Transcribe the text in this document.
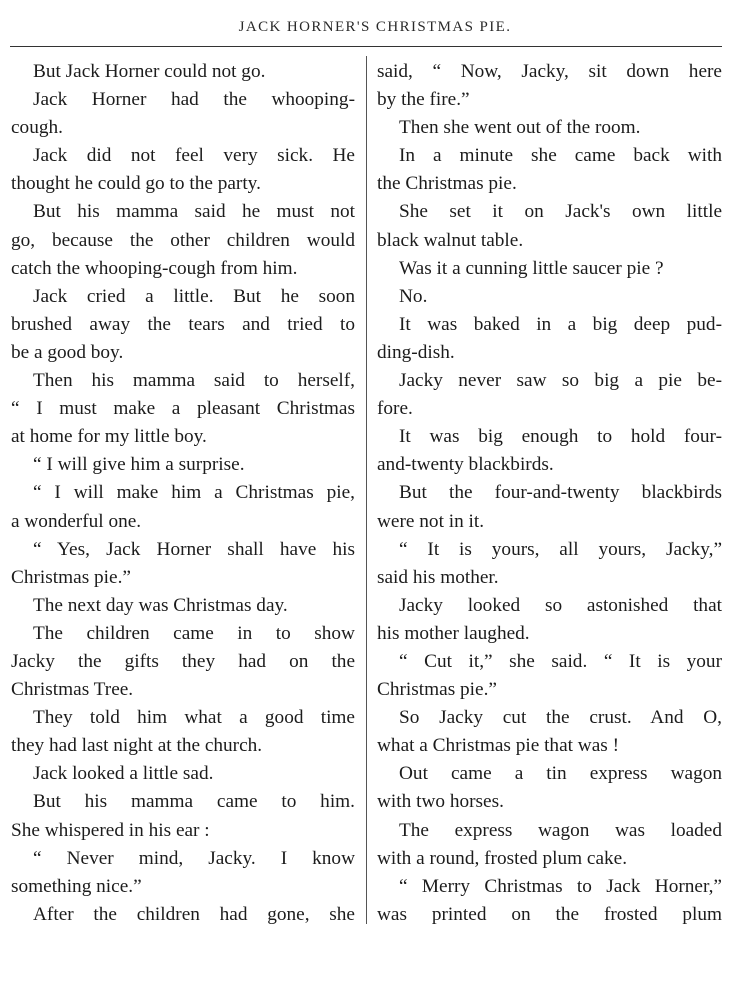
JACK HORNER'S CHRISTMAS PIE.
But Jack Horner could not go.
Jack Horner had the whooping-
cough.
Jack did not feel very sick. He
thought he could go to the party.
But his mamma said he must not
go, because the other children would
catch the whooping-cough from him.
Jack cried a little. But he soon
brushed away the tears and tried to
be a good boy.
Then his mamma said to herself,
“ I must make a pleasant Christmas
at home for my little boy.
“ I will give him a surprise.
“ I will make him a Christmas pie,
a wonderful one.
“ Yes, Jack Horner shall have his
Christmas pie.”
The next day was Christmas day.
The children came in to show
Jacky the gifts they had on the
Christmas Tree.
They told him what a good time
they had last night at the church.
Jack looked a little sad.
But his mamma came to him.
She whispered in his ear :
“ Never mind, Jacky. I know
something nice.”
After the children had gone, she
said, “ Now, Jacky, sit down here
by the fire.”
Then she went out of the room.
In a minute she came back with
the Christmas pie.
She set it on Jack's own little
black walnut table.
Was it a cunning little saucer pie ?
No.
It was baked in a big deep pud-
ding-dish.
Jacky never saw so big a pie be-
fore.
It was big enough to hold four-
and-twenty blackbirds.
But the four-and-twenty blackbirds
were not in it.
“ It is yours, all yours, Jacky,”
said his mother.
Jacky looked so astonished that
his mother laughed.
“ Cut it,” she said. “ It is your
Christmas pie.”
So Jacky cut the crust. And O,
what a Christmas pie that was !
Out came a tin express wagon
with two horses.
The express wagon was loaded
with a round, frosted plum cake.
“ Merry Christmas to Jack Horner,”
was printed on the frosted plum
